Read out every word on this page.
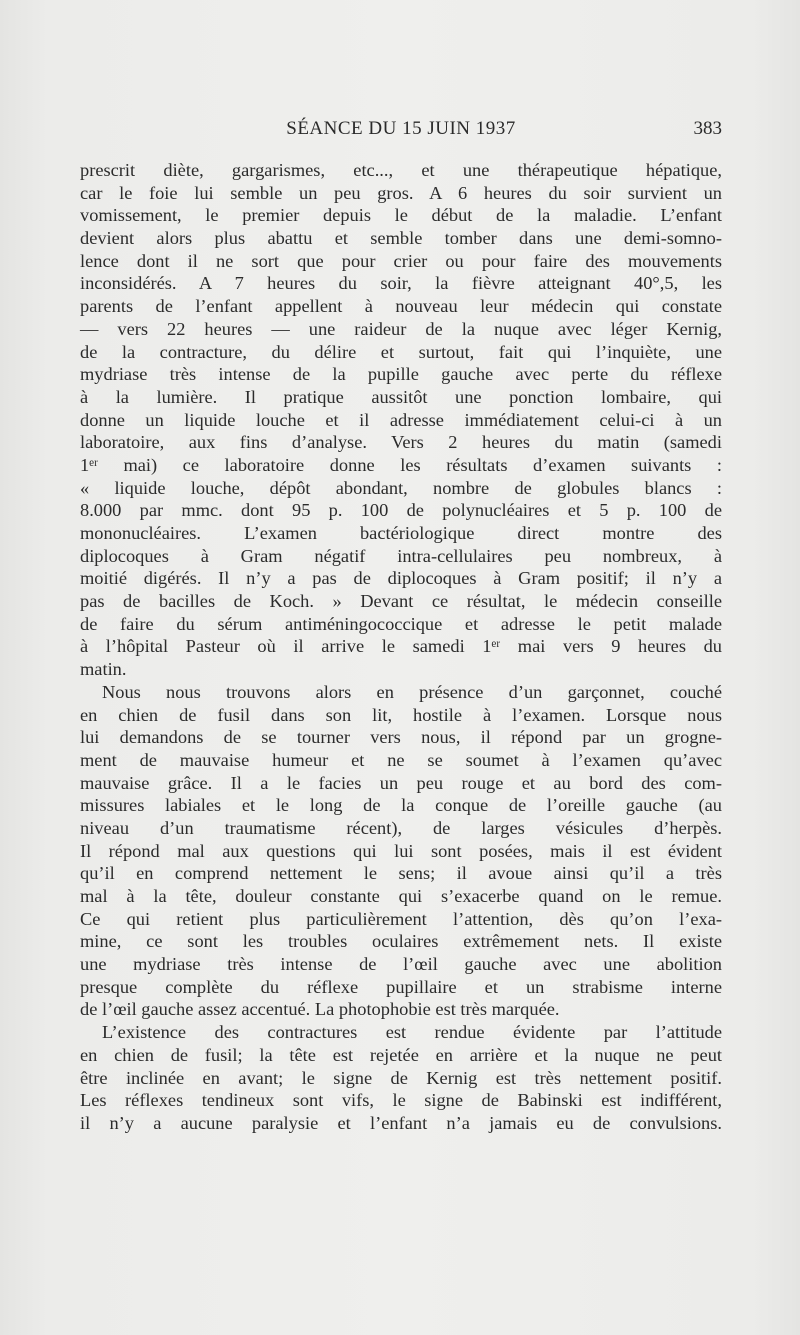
SÉANCE DU 15 JUIN 1937	383
prescrit diète, gargarismes, etc..., et une thérapeutique hépatique,
car le foie lui semble un peu gros. A 6 heures du soir survient un
vomissement, le premier depuis le début de la maladie. L’enfant
devient alors plus abattu et semble tomber dans une demi-somno-
lence dont il ne sort que pour crier ou pour faire des mouvements
inconsidérés. A 7 heures du soir, la fièvre atteignant 40°,5, les
parents de l’enfant appellent à nouveau leur médecin qui constate
— vers 22 heures — une raideur de la nuque avec léger Kernig,
de la contracture, du délire et surtout, fait qui l’inquiète, une
mydriase très intense de la pupille gauche avec perte du réflexe
à la lumière. Il pratique aussitôt une ponction lombaire, qui
donne un liquide louche et il adresse immédiatement celui-ci à un
laboratoire, aux fins d’analyse. Vers 2 heures du matin (samedi
1ᵉʳ mai) ce laboratoire donne les résultats d’examen suivants :
« liquide louche, dépôt abondant, nombre de globules blancs :
8.000 par mmc. dont 95 p. 100 de polynucléaires et 5 p. 100 de
mononucléaires. L’examen bactériologique direct montre des
diplocoques à Gram négatif intra-cellulaires peu nombreux, à
moitié digérés. Il n’y a pas de diplocoques à Gram positif; il n’y a
pas de bacilles de Koch. » Devant ce résultat, le médecin conseille
de faire du sérum antiméningococcique et adresse le petit malade
à l’hôpital Pasteur où il arrive le samedi 1ᵉʳ mai vers 9 heures du
matin.
Nous nous trouvons alors en présence d’un garçonnet, couché
en chien de fusil dans son lit, hostile à l’examen. Lorsque nous
lui demandons de se tourner vers nous, il répond par un grogne-
ment de mauvaise humeur et ne se soumet à l’examen qu’avec
mauvaise grâce. Il a le facies un peu rouge et au bord des com-
missures labiales et le long de la conque de l’oreille gauche (au
niveau d’un traumatisme récent), de larges vésicules d’herpès.
Il répond mal aux questions qui lui sont posées, mais il est évident
qu’il en comprend nettement le sens; il avoue ainsi qu’il a très
mal à la tête, douleur constante qui s’exacerbe quand on le remue.
Ce qui retient plus particulièrement l’attention, dès qu’on l’exa-
mine, ce sont les troubles oculaires extrêmement nets. Il existe
une mydriase très intense de l’œil gauche avec une abolition
presque complète du réflexe pupillaire et un strabisme interne
de l’œil gauche assez accentué. La photophobie est très marquée.
L’existence des contractures est rendue évidente par l’attitude
en chien de fusil; la tête est rejetée en arrière et la nuque ne peut
être inclinée en avant; le signe de Kernig est très nettement positif.
Les réflexes tendineux sont vifs, le signe de Babinski est indifférent,
il n’y a aucune paralysie et l’enfant n’a jamais eu de convulsions.
